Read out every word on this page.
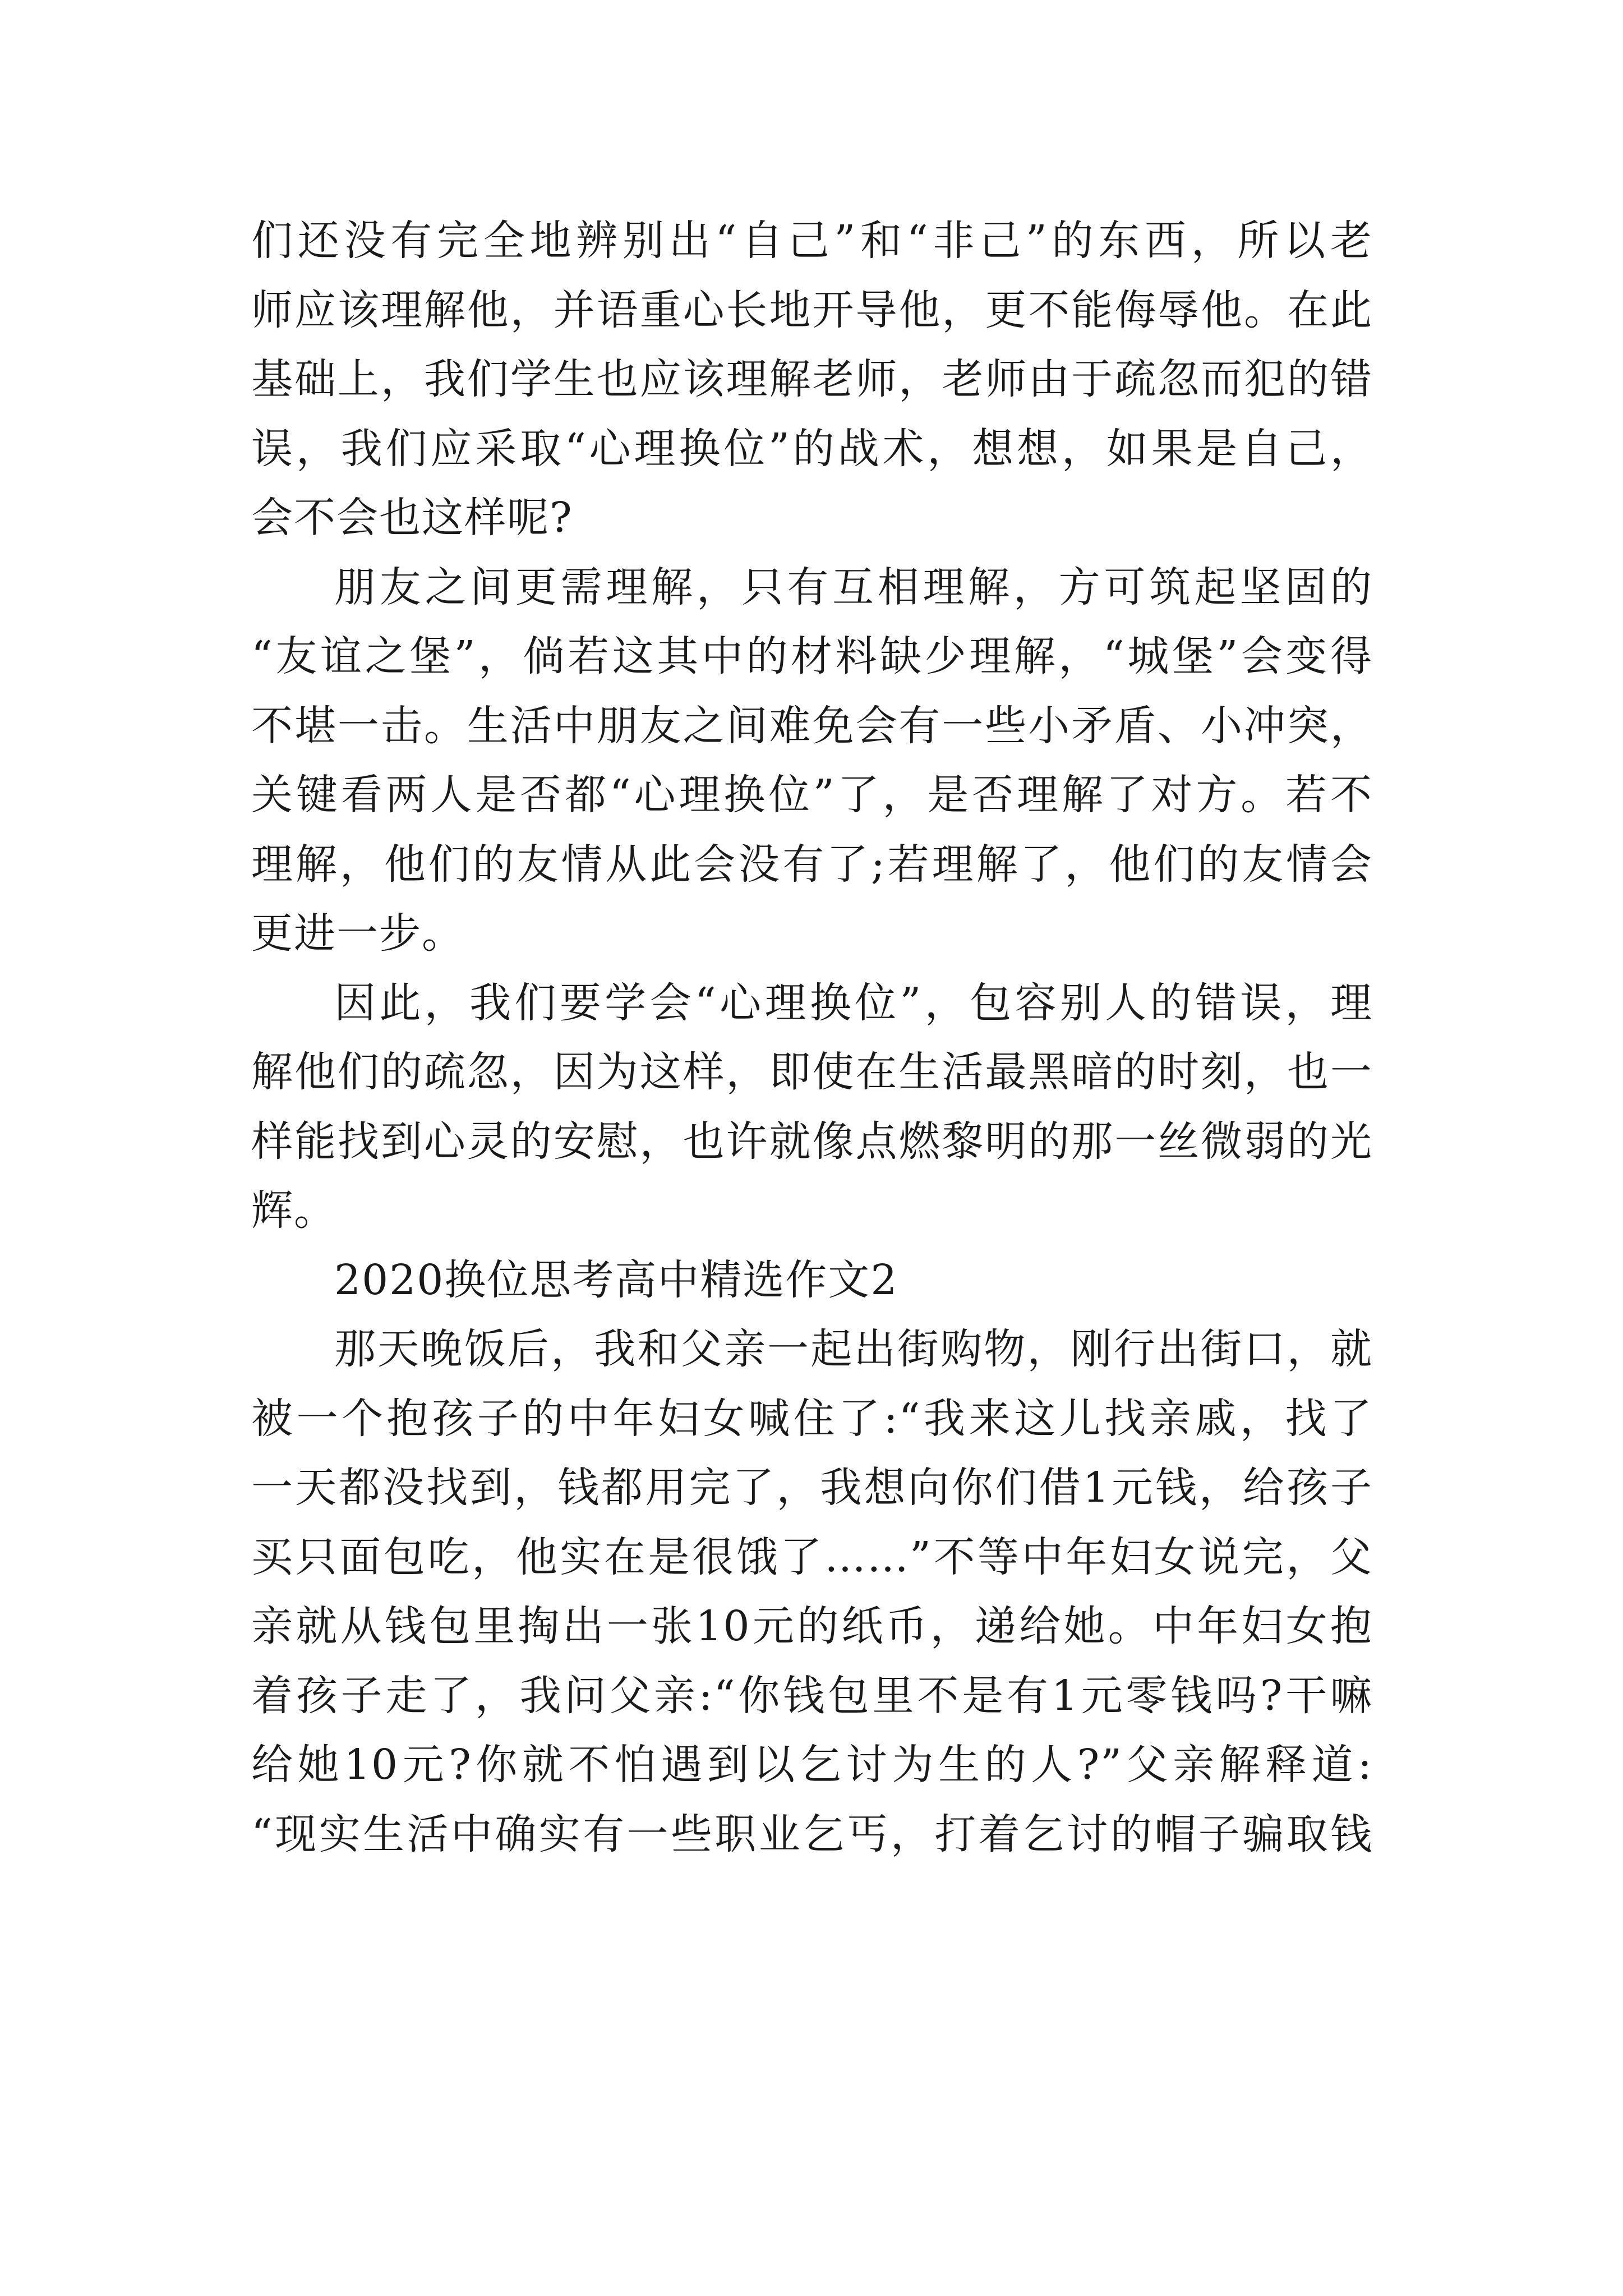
们还没有完全地辨别出“自己”和“非己”的东西，所以老
师应该理解他，并语重心长地开导他，更不能侮辱他。在此
基础上，我们学生也应该理解老师，老师由于疏忽而犯的错
误，我们应采取“心理换位”的战术，想想，如果是自己，
会不会也这样呢?
朋友之间更需理解，只有互相理解，方可筑起坚固的
“友谊之堡”，倘若这其中的材料缺少理解，“城堡”会变得
不堪一击。生活中朋友之间难免会有一些小矛盾、小冲突，
关键看两人是否都“心理换位”了，是否理解了对方。若不
理解，他们的友情从此会没有了;若理解了，他们的友情会
更进一步。
因此，我们要学会“心理换位”，包容别人的错误，理
解他们的疏忽，因为这样，即使在生活最黑暗的时刻，也一
样能找到心灵的安慰，也许就像点燃黎明的那一丝微弱的光
辉。
2020换位思考高中精选作文2
那天晚饭后，我和父亲一起出街购物，刚行出街口，就
被一个抱孩子的中年妇女喊住了:“我来这儿找亲戚，找了
一天都没找到，钱都用完了，我想向你们借1元钱，给孩子
买只面包吃，他实在是很饿了……”不等中年妇女说完，父
亲就从钱包里掏出一张10元的纸币，递给她。中年妇女抱
着孩子走了，我问父亲:“你钱包里不是有1元零钱吗?干嘛
给她10元?你就不怕遇到以乞讨为生的人?”父亲解释道:
“现实生活中确实有一些职业乞丐，打着乞讨的帽子骗取钱
